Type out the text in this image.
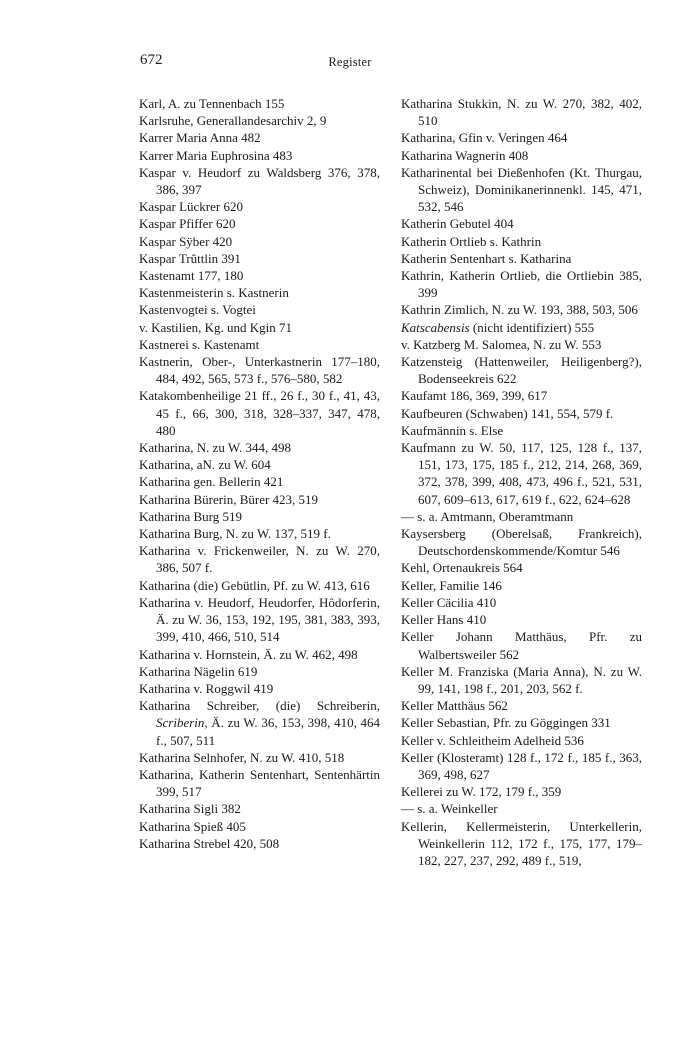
672	Register

Karl, A. zu Tennenbach 155

Karlsruhe, Generallandesarchiv 2, 9

Karrer Maria Anna 482

Karrer Maria Euphrosina 483

Kaspar v. Heudorf zu Waldsberg 376, 378, 386, 397

Kaspar Lückrer 620

Kaspar Pfiffer 620

Kaspar Sÿber 420

Kaspar Trûttlin 391

Kastenamt 177, 180

Kastenmeisterin s. Kastnerin

Kastenvogtei s. Vogtei

v. Kastilien, Kg. und Kgin 71

Kastnerei s. Kastenamt

Kastnerin, Ober-, Unterkastnerin 177–180, 484, 492, 565, 573 f., 576–580, 582

Katakombenheilige 21 ff., 26 f., 30 f., 41, 43, 45 f., 66, 300, 318, 328–337, 347, 478, 480

Katharina, N. zu W. 344, 498

Katharina, aN. zu W. 604

Katharina gen. Bellerin 421

Katharina Bürerin, Bürer 423, 519

Katharina Burg 519

Katharina Burg, N. zu W. 137, 519 f.

Katharina v. Frickenweiler, N. zu W. 270, 386, 507 f.

Katharina (die) Gebütlin, Pf. zu W. 413, 616

Katharina v. Heudorf, Heudorfer, Hôdorferin, Ä. zu W. 36, 153, 192, 195, 381, 383, 393, 399, 410, 466, 510, 514

Katharina v. Hornstein, Ä. zu W. 462, 498

Katharina Nägelin 619

Katharina v. Roggwil 419

Katharina Schreiber, (die) Schreiberin, Scriberin, Ä. zu W. 36, 153, 398, 410, 464 f., 507, 511

Katharina Selnhofer, N. zu W. 410, 518

Katharina, Katherin Sentenhart, Sentenhärtin 399, 517

Katharina Sigli 382

Katharina Spieß 405

Katharina Strebel 420, 508

Katharina Stukkin, N. zu W. 270, 382, 402, 510

Katharina, Gfin v. Veringen 464

Katharina Wagnerin 408

Katharinental bei Dießenhofen (Kt. Thurgau, Schweiz), Dominikanerinnenkl. 145, 471, 532, 546

Katherin Gebutel 404

Katherin Ortlieb s. Kathrin

Katherin Sentenhart s. Katharina

Kathrin, Katherin Ortlieb, die Ortliebin 385, 399

Kathrin Zimlich, N. zu W. 193, 388, 503, 506

Katscabensis (nicht identifiziert) 555

v. Katzberg M. Salomea, N. zu W. 553

Katzensteig (Hattenweiler, Heiligenberg?), Bodenseekreis 622

Kaufamt 186, 369, 399, 617

Kaufbeuren (Schwaben) 141, 554, 579 f.

Kaufmännin s. Else

Kaufmann zu W. 50, 117, 125, 128 f., 137, 151, 173, 175, 185 f., 212, 214, 268, 369, 372, 378, 399, 408, 473, 496 f., 521, 531, 607, 609–613, 617, 619 f., 622, 624–628

— s. a. Amtmann, Oberamtmann

Kaysersberg (Oberelsaß, Frankreich), Deutschordenskommende/Komtur 546

Kehl, Ortenaukreis 564

Keller, Familie 146

Keller Cäcilia 410

Keller Hans 410

Keller Johann Matthäus, Pfr. zu Walbertsweiler 562

Keller M. Franziska (Maria Anna), N. zu W. 99, 141, 198 f., 201, 203, 562 f.

Keller Matthäus 562

Keller Sebastian, Pfr. zu Göggingen 331

Keller v. Schleitheim Adelheid 536

Keller (Klosteramt) 128 f., 172 f., 185 f., 363, 369, 498, 627

Kellerei zu W. 172, 179 f., 359

— s. a. Weinkeller

Kellerin, Kellermeisterin, Unterkellerin, Weinkellerin 112, 172 f., 175, 177, 179–182, 227, 237, 292, 489 f., 519,
